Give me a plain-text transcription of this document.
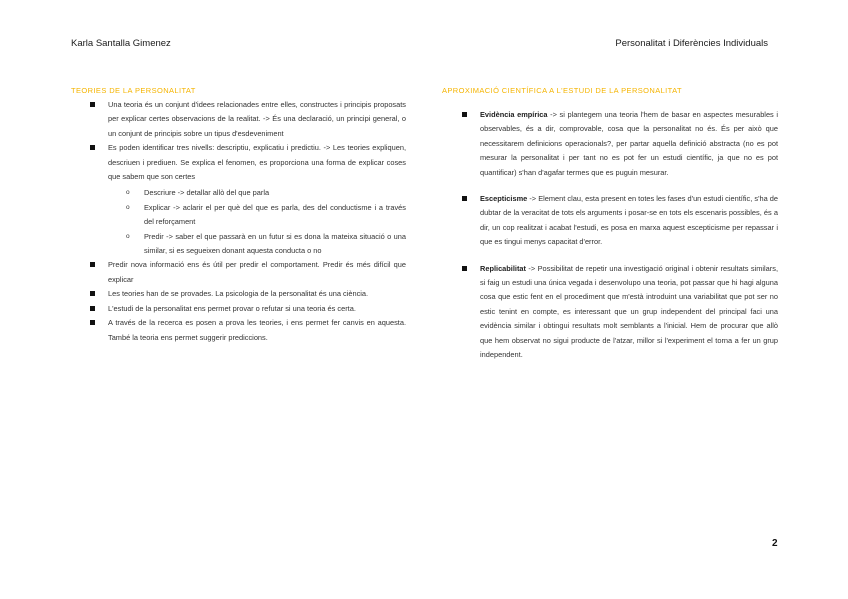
Karla Santalla Gimenez	Personalitat i Diferències Individuals
TEORIES DE LA PERSONALITAT
Una teoria és un conjunt d'idees relacionades entre elles, constructes i principis proposats per explicar certes observacions de la realitat. -> És una declaració, un principi general, o un conjunt de principis sobre un tipus d'esdeveniment
Es poden identificar tres nivells: descriptiu, explicatiu i predictiu. -> Les teories expliquen, descriuen i prediuen. Se explica el fenomen, es proporciona una forma de explicar coses que sabem que son certes
o Descriure -> detallar allò del que parla
o Explicar -> aclarir el per què del que es parla, des del conductisme i a través del reforçament
o Predir -> saber el que passarà en un futur si es dona la mateixa situació o una similar, si es segueixen donant aquesta conducta o no
Predir nova informació ens és útil per predir el comportament. Predir és més difícil que explicar
Les teories han de se provades. La psicologia de la personalitat és una ciència.
L'estudi de la personalitat ens permet provar o refutar si una teoria és certa.
A través de la recerca es posen a prova les teories, i ens permet fer canvis en aquesta. També la teoria ens permet suggerir prediccions.
APROXIMACIÓ CIENTÍFICA A L'ESTUDI DE LA PERSONALITAT
Evidència empírica -> si plantegem una teoria l'hem de basar en aspectes mesurables i observables, és a dir, comprovable, cosa que la personalitat no és. És per això que necessitarem definicions operacionals?, per partar aquella definició abstracta (no es pot mesurar la personalitat i per tant no es pot fer un estudi científic, ja que no es pot quantificar) s'han d'agafar termes que es puguin mesurar.
Escepticisme -> Element clau, esta present en totes les fases d'un estudi científic, s'ha de dubtar de la veracitat de tots els arguments i posar-se en tots els escenaris possibles, és a dir, un cop realitzat i acabat l'estudi, es posa en marxa aquest escepticisme per repassar i que es tingui menys capacitat d'error.
Replicabilitat -> Possibilitat de repetir una investigació original i obtenir resultats similars, si faig un estudi una única vegada i desenvolupo una teoria, pot passar que hi hagi alguna cosa que estic fent en el procediment que m'està introduint una variabilitat que pot ser no estic tenint en compte, es interessant que un grup independent del principal faci una evidència similar i obtingui resultats molt semblants a l'inicial. Hem de procurar que allò que hem observat no sigui producte de l'atzar, millor si l'experiment el torna a fer un grup independent.
2
